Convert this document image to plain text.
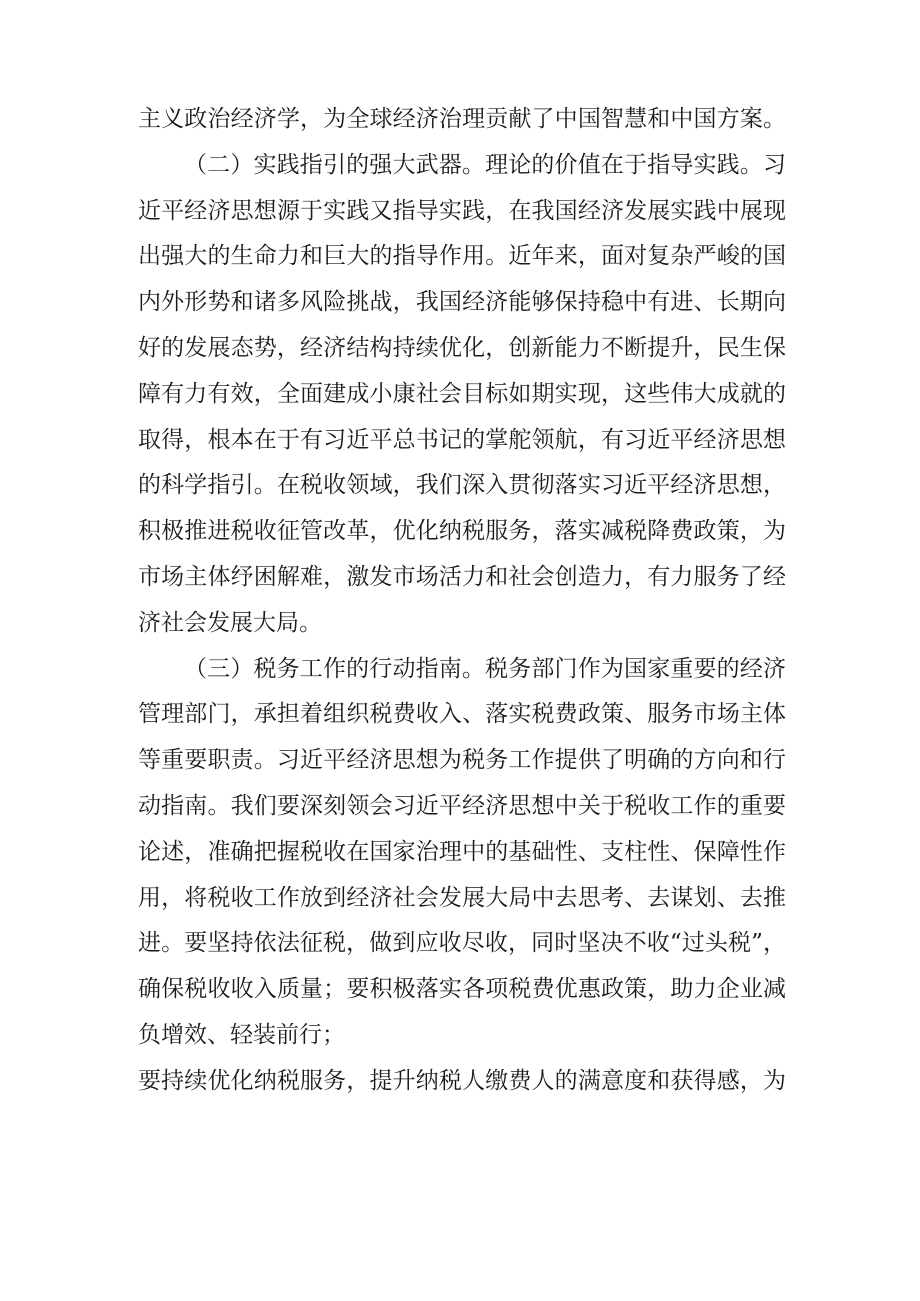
主义政治经济学，为全球经济治理贡献了中国智慧和中国方案。
（二）实践指引的强大武器。理论的价值在于指导实践。习
近平经济思想源于实践又指导实践，在我国经济发展实践中展现
出强大的生命力和巨大的指导作用。近年来，面对复杂严峻的国
内外形势和诸多风险挑战，我国经济能够保持稳中有进、长期向
好的发展态势，经济结构持续优化，创新能力不断提升，民生保
障有力有效，全面建成小康社会目标如期实现，这些伟大成就的
取得，根本在于有习近平总书记的掌舵领航，有习近平经济思想
的科学指引。在税收领域，我们深入贯彻落实习近平经济思想，
积极推进税收征管改革，优化纳税服务，落实减税降费政策，为
市场主体纾困解难，激发市场活力和社会创造力，有力服务了经
济社会发展大局。
（三）税务工作的行动指南。税务部门作为国家重要的经济
管理部门，承担着组织税费收入、落实税费政策、服务市场主体
等重要职责。习近平经济思想为税务工作提供了明确的方向和行
动指南。我们要深刻领会习近平经济思想中关于税收工作的重要
论述，准确把握税收在国家治理中的基础性、支柱性、保障性作
用，将税收工作放到经济社会发展大局中去思考、去谋划、去推
进。要坚持依法征税，做到应收尽收，同时坚决不收“过头税”，
确保税收收入质量；要积极落实各项税费优惠政策，助力企业减
负增效、轻装前行；
要持续优化纳税服务，提升纳税人缴费人的满意度和获得感，为
